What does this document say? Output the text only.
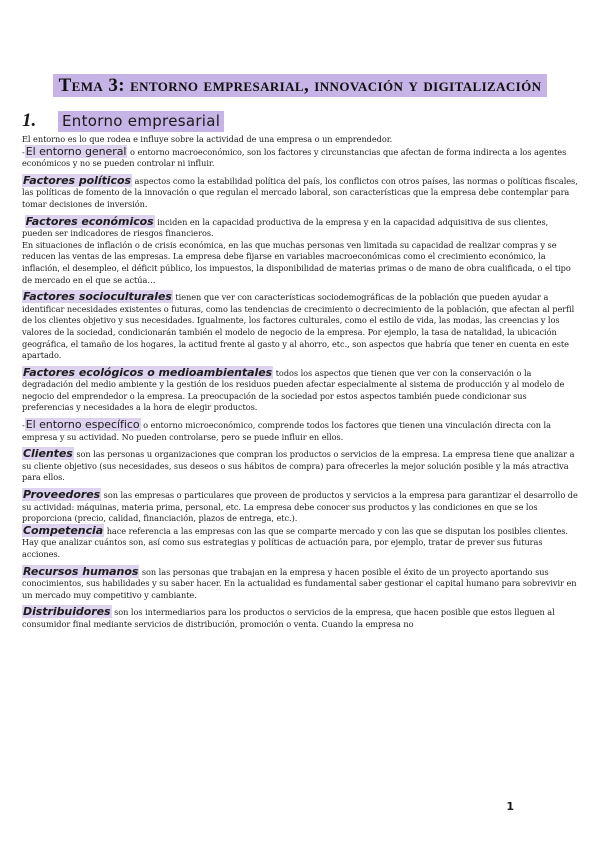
Tema 3: entorno empresarial, innovación y digitalización
1.	Entorno empresarial

El entorno es lo que rodea e influye sobre la actividad de una empresa o un emprendedor.

-El entorno general o entorno macroeconómico, son los factores y circunstancias que afectan de forma indirecta a los agentes económicos y no se pueden controlar ni influir.

Factores políticos aspectos como la estabilidad política del país, los conflictos con otros países, las normas o políticas fiscales, las políticas de fomento de la innovación o que regulan el mercado laboral, son características que la empresa debe contemplar para tomar decisiones de inversión.

Factores económicos inciden en la capacidad productiva de la empresa y en la capacidad adquisitiva de sus clientes, pueden ser indicadores de riesgos financieros.
En situaciones de inflación o de crisis económica, en las que muchas personas ven limitada su capacidad de realizar compras y se reducen las ventas de las empresas. La empresa debe fijarse en variables macroeconómicas como el crecimiento económico, la inflación, el desempleo, el déficit público, los impuestos, la disponibilidad de materias primas o de mano de obra cualificada, o el tipo de mercado en el que se actúa…

Factores socioculturales tienen que ver con características sociodemográficas de la población que pueden ayudar a identificar necesidades existentes o futuras, como las tendencias de crecimiento o decrecimiento de la población, que afectan al perfil de los clientes objetivo y sus necesidades. Igualmente, los factores culturales, como el estilo de vida, las modas, las creencias y los valores de la sociedad, condicionarán también el modelo de negocio de la empresa. Por ejemplo, la tasa de natalidad, la ubicación geográfica, el tamaño de los hogares, la actitud frente al gasto y al ahorro, etc., son aspectos que habría que tener en cuenta en este apartado.

Factores ecológicos o medioambientales todos los aspectos que tienen que ver con la conservación o la degradación del medio ambiente y la gestión de los residuos pueden afectar especialmente al sistema de producción y al modelo de negocio del emprendedor o la empresa. La preocupación de la sociedad por estos aspectos también puede condicionar sus preferencias y necesidades a la hora de elegir productos.

-El entorno específico o entorno microeconómico, comprende todos los factores que tienen una vinculación directa con la empresa y su actividad. No pueden controlarse, pero se puede influir en ellos.

Clientes son las personas u organizaciones que compran los productos o servicios de la empresa. La empresa tiene que analizar a su cliente objetivo (sus necesidades, sus deseos o sus hábitos de compra) para ofrecerles la mejor solución posible y la más atractiva para ellos.

Proveedores son las empresas o particulares que proveen de productos y servicios a la empresa para garantizar el desarrollo de su actividad: máquinas, materia prima, personal, etc. La empresa debe conocer sus productos y las condiciones en que se los proporciona (precio, calidad, financiación, plazos de entrega, etc.).

Competencia hace referencia a las empresas con las que se comparte mercado y con las que se disputan los posibles clientes. Hay que analizar cuántos son, así como sus estrategias y políticas de actuación para, por ejemplo, tratar de prever sus futuras acciones.

Recursos humanos son las personas que trabajan en la empresa y hacen posible el éxito de un proyecto aportando sus conocimientos, sus habilidades y su saber hacer. En la actualidad es fundamental saber gestionar el capital humano para sobrevivir en un mercado muy competitivo y cambiante.

Distribuidores son los intermediarios para los productos o servicios de la empresa, que hacen posible que estos lleguen al consumidor final mediante servicios de distribución, promoción o venta. Cuando la empresa no

1
